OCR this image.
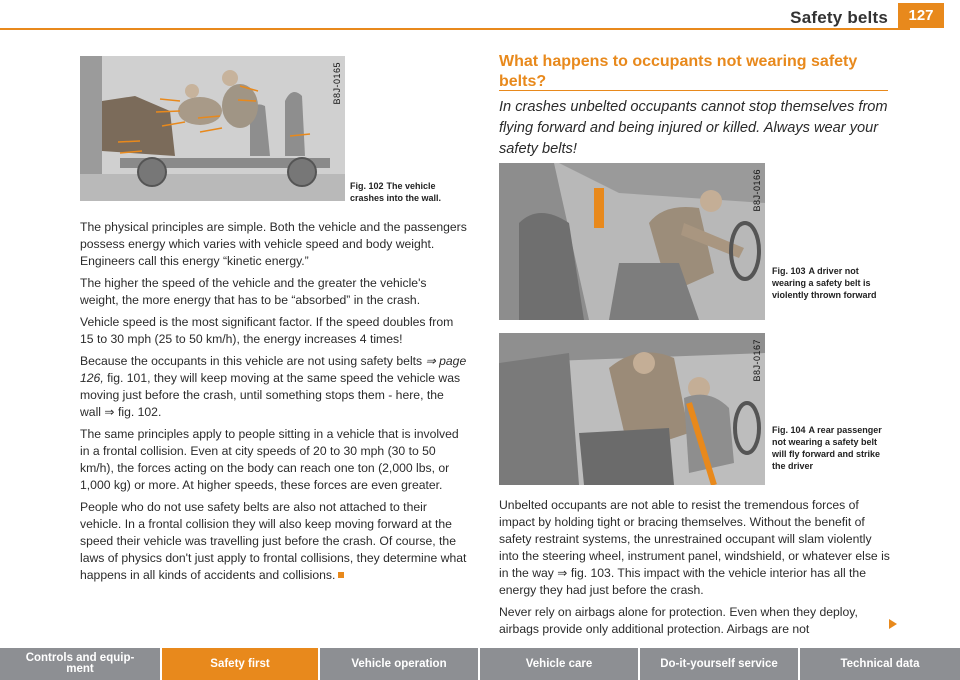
Safety belts	127
B8J-0165
Fig. 102 The vehicle crashes into the wall.

The physical principles are simple. Both the vehicle and the passengers possess energy which varies with vehicle speed and body weight. Engineers call this energy “kinetic energy.”

The higher the speed of the vehicle and the greater the vehicle's weight, the more energy that has to be “absorbed” in the crash.

Vehicle speed is the most significant factor. If the speed doubles from 15 to 30 mph (25 to 50 km/h), the energy increases 4 times!

Because the occupants in this vehicle are not using safety belts ⇒ page 126, fig. 101, they will keep moving at the same speed the vehicle was moving just before the crash, until something stops them - here, the wall ⇒ fig. 102.

The same principles apply to people sitting in a vehicle that is involved in a frontal collision. Even at city speeds of 20 to 30 mph (30 to 50 km/h), the forces acting on the body can reach one ton (2,000 lbs, or 1,000 kg) or more. At higher speeds, these forces are even greater.

People who do not use safety belts are also not attached to their vehicle. In a frontal collision they will also keep moving forward at the speed their vehicle was travelling just before the crash. Of course, the laws of physics don't just apply to frontal collisions, they determine what happens in all kinds of accidents and collisions.

What happens to occupants not wearing safety belts?
In crashes unbelted occupants cannot stop themselves from flying forward and being injured or killed. Always wear your safety belts!
B8J-0166
Fig. 103 A driver not wearing a safety belt is violently thrown forward
B8J-0167
Fig. 104 A rear passenger not wearing a safety belt will fly forward and strike the driver

Unbelted occupants are not able to resist the tremendous forces of impact by holding tight or bracing themselves. Without the benefit of safety restraint systems, the unrestrained occupant will slam violently into the steering wheel, instrument panel, windshield, or whatever else is in the way ⇒ fig. 103. This impact with the vehicle interior has all the energy they had just before the crash.

Never rely on airbags alone for protection. Even when they deploy, airbags provide only additional protection. Airbags are not

Controls and equip-
ment	Safety first	Vehicle operation	Vehicle care	Do-it-yourself service	Technical data
